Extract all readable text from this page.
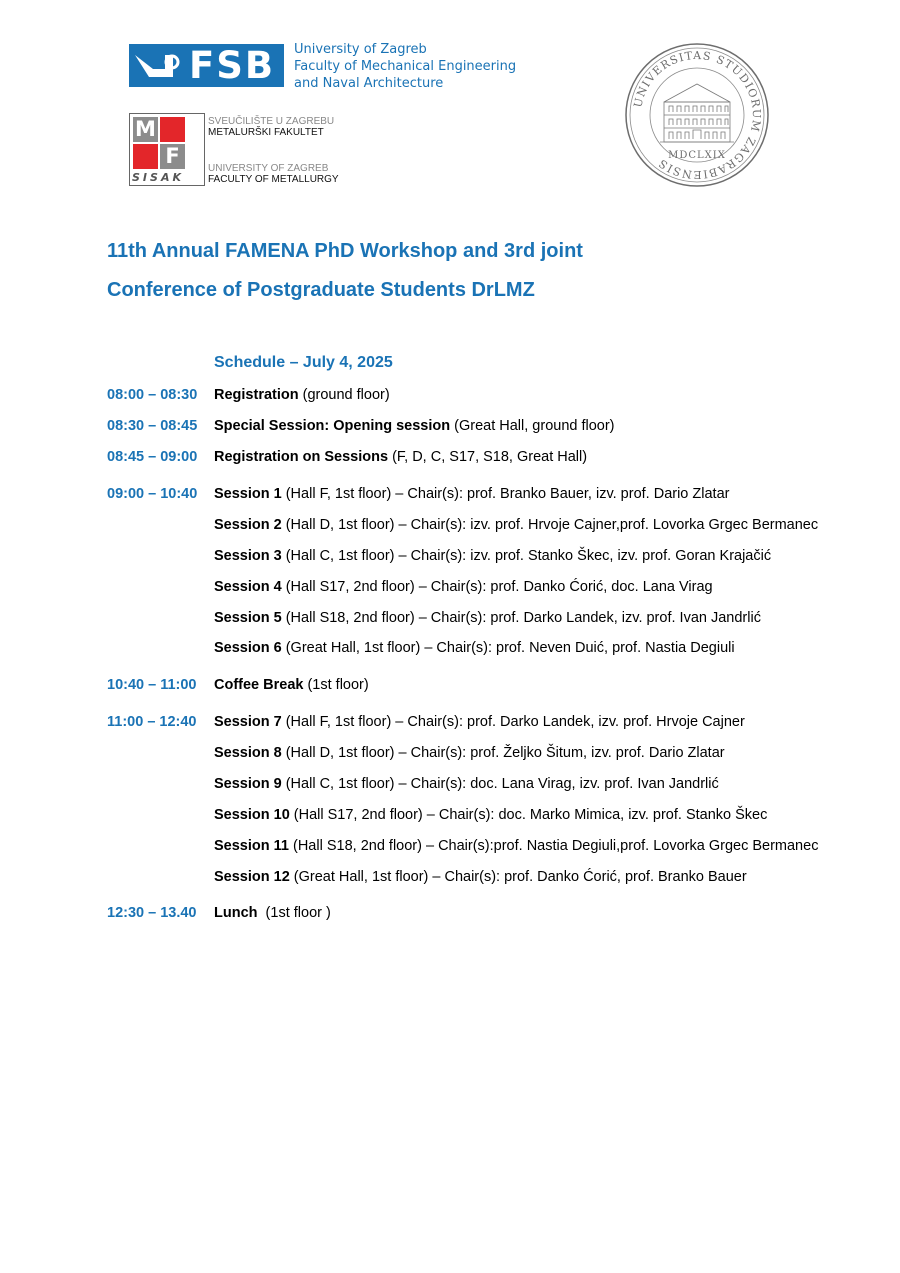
FSB University of Zagreb
Faculty of Mechanical Engineering
and Naval Architecture
M
F
SISAK
SVEUČILIŠTE U ZAGREBU
METALURŠKI FAKULTET
UNIVERSITY OF ZAGREB
FACULTY OF METALLURGY
UNIVERSITAS STUDIORUM ZAGRABIENSIS
MDCLXIX
11th Annual FAMENA PhD Workshop and 3rd joint
Conference of Postgraduate Students DrLMZ
Schedule – July 4, 2025
08:00 – 08:30 Registration (ground floor)
08:30 – 08:45 Special Session: Opening session (Great Hall, ground floor)
08:45 – 09:00 Registration on Sessions (F, D, C, S17, S18, Great Hall)
09:00 – 10:40 Session 1 (Hall F, 1st floor) – Chair(s): prof. Branko Bauer, izv. prof. Dario Zlatar
Session 2 (Hall D, 1st floor) – Chair(s): izv. prof. Hrvoje Cajner,prof. Lovorka Grgec Bermanec
Session 3 (Hall C, 1st floor) – Chair(s): izv. prof. Stanko Škec, izv. prof. Goran Krajačić
Session 4 (Hall S17, 2nd floor) – Chair(s): prof. Danko Ćorić, doc. Lana Virag
Session 5 (Hall S18, 2nd floor) – Chair(s): prof. Darko Landek, izv. prof. Ivan Jandrlić
Session 6 (Great Hall, 1st floor) – Chair(s): prof. Neven Duić, prof. Nastia Degiuli
10:40 – 11:00 Coffee Break (1st floor)
11:00 – 12:40 Session 7 (Hall F, 1st floor) – Chair(s): prof. Darko Landek, izv. prof. Hrvoje Cajner
Session 8 (Hall D, 1st floor) – Chair(s): prof. Željko Šitum, izv. prof. Dario Zlatar
Session 9 (Hall C, 1st floor) – Chair(s): doc. Lana Virag, izv. prof. Ivan Jandrlić
Session 10 (Hall S17, 2nd floor) – Chair(s): doc. Marko Mimica, izv. prof. Stanko Škec
Session 11 (Hall S18, 2nd floor) – Chair(s):prof. Nastia Degiuli,prof. Lovorka Grgec Bermanec
Session 12 (Great Hall, 1st floor) – Chair(s): prof. Danko Ćorić, prof. Branko Bauer
12:30 – 13.40 Lunch  (1st floor )
